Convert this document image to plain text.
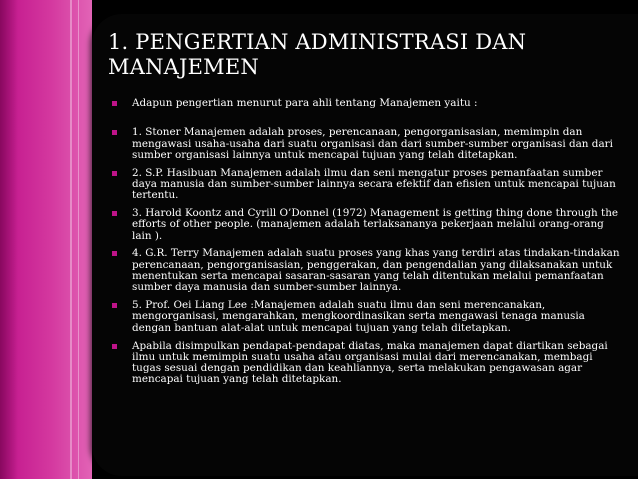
1. PENGERTIAN ADMINISTRASI DAN MANAJEMEN
Adapun pengertian menurut para ahli tentang Manajemen yaitu :
1. Stoner Manajemen adalah proses, perencanaan, pengorganisasian, memimpin dan mengawasi usaha-usaha dari suatu organisasi dan dari sumber-sumber organisasi dan dari sumber organisasi lainnya untuk mencapai tujuan yang telah ditetapkan.
2. S.P. Hasibuan Manajemen adalah ilmu dan seni mengatur proses pemanfaatan sumber daya manusia dan sumber-sumber lainnya secara efektif dan efisien untuk mencapai tujuan tertentu.
3. Harold Koontz and Cyrill O’Donnel (1972) Management is getting thing done through the efforts of other people. (manajemen adalah terlaksananya pekerjaan melalui orang-orang lain ).
4. G.R. Terry Manajemen adalah suatu proses yang khas yang terdiri atas tindakan-tindakan perencanaan, pengorganisasian, penggerakan, dan pengendalian yang dilaksanakan untuk menentukan serta mencapai sasaran-sasaran yang telah ditentukan melalui pemanfaatan sumber daya manusia dan sumber-sumber lainnya.
5. Prof. Oei Liang Lee :Manajemen adalah suatu ilmu dan seni merencanakan, mengorganisasi, mengarahkan, mengkoordinasikan serta mengawasi tenaga manusia dengan bantuan alat-alat untuk mencapai tujuan yang telah ditetapkan.
Apabila disimpulkan pendapat-pendapat diatas, maka manajemen dapat diartikan sebagai ilmu untuk memimpin suatu usaha atau organisasi mulai dari merencanakan, membagi tugas sesuai dengan pendidikan dan keahliannya, serta melakukan pengawasan agar mencapai tujuan yang telah ditetapkan.
